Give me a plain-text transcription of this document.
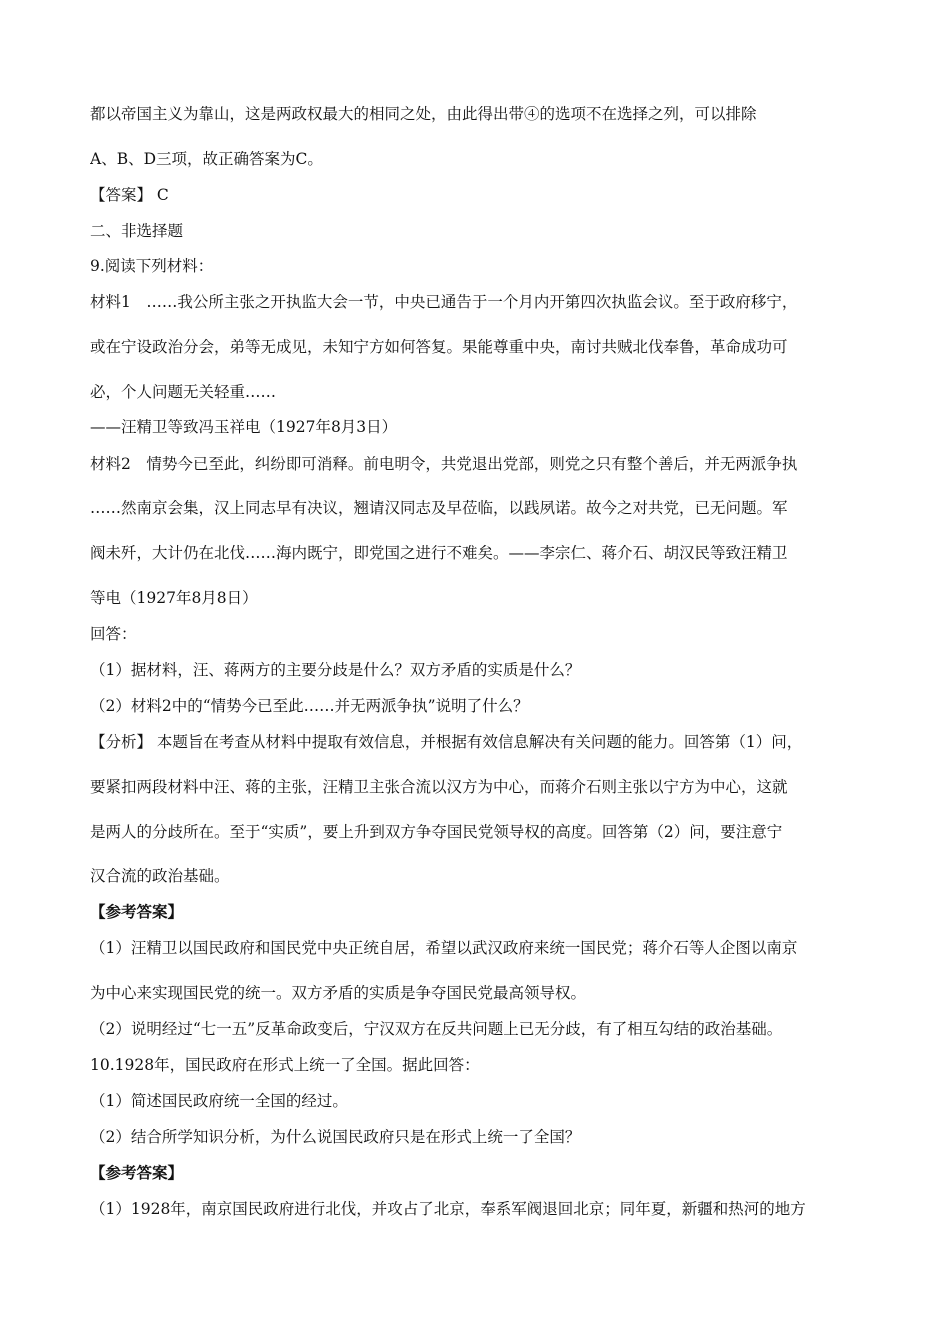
都以帝国主义为靠山，这是两政权最大的相同之处，由此得出带④的选项不在选择之列，可以排除
A、B、D三项，故正确答案为C。
【答案】 C
二、非选择题
9.阅读下列材料：
材料1　……我公所主张之开执监大会一节，中央已通告于一个月内开第四次执监会议。至于政府移宁，
或在宁设政治分会，弟等无成见，未知宁方如何答复。果能尊重中央，南讨共贼北伐奉鲁，革命成功可
必，个人问题无关轻重……
——汪精卫等致冯玉祥电（1927年8月3日）
材料2　情势今已至此，纠纷即可消释。前电明令，共党退出党部，则党之只有整个善后，并无两派争执
……然南京会集，汉上同志早有决议，翘请汉同志及早莅临，以践夙诺。故今之对共党，已无问题。军
阀未歼，大计仍在北伐……海内既宁，即党国之进行不难矣。——李宗仁、蒋介石、胡汉民等致汪精卫
等电（1927年8月8日）
回答：
（1）据材料，汪、蒋两方的主要分歧是什么？双方矛盾的实质是什么？
（2）材料2中的“情势今已至此……并无两派争执”说明了什么？
【分析】 本题旨在考查从材料中提取有效信息，并根据有效信息解决有关问题的能力。回答第（1）问，
要紧扣两段材料中汪、蒋的主张，汪精卫主张合流以汉方为中心，而蒋介石则主张以宁方为中心，这就
是两人的分歧所在。至于“实质”，要上升到双方争夺国民党领导权的高度。回答第（2）问，要注意宁
汉合流的政治基础。
【参考答案】
（1）汪精卫以国民政府和国民党中央正统自居，希望以武汉政府来统一国民党；蒋介石等人企图以南京
为中心来实现国民党的统一。双方矛盾的实质是争夺国民党最高领导权。
（2）说明经过“七一五”反革命政变后，宁汉双方在反共问题上已无分歧，有了相互勾结的政治基础。
10.1928年，国民政府在形式上统一了全国。据此回答：
（1）简述国民政府统一全国的经过。
（2）结合所学知识分析，为什么说国民政府只是在形式上统一了全国？
【参考答案】
（1）1928年，南京国民政府进行北伐，并攻占了北京，奉系军阀退回北京；同年夏，新疆和热河的地方
